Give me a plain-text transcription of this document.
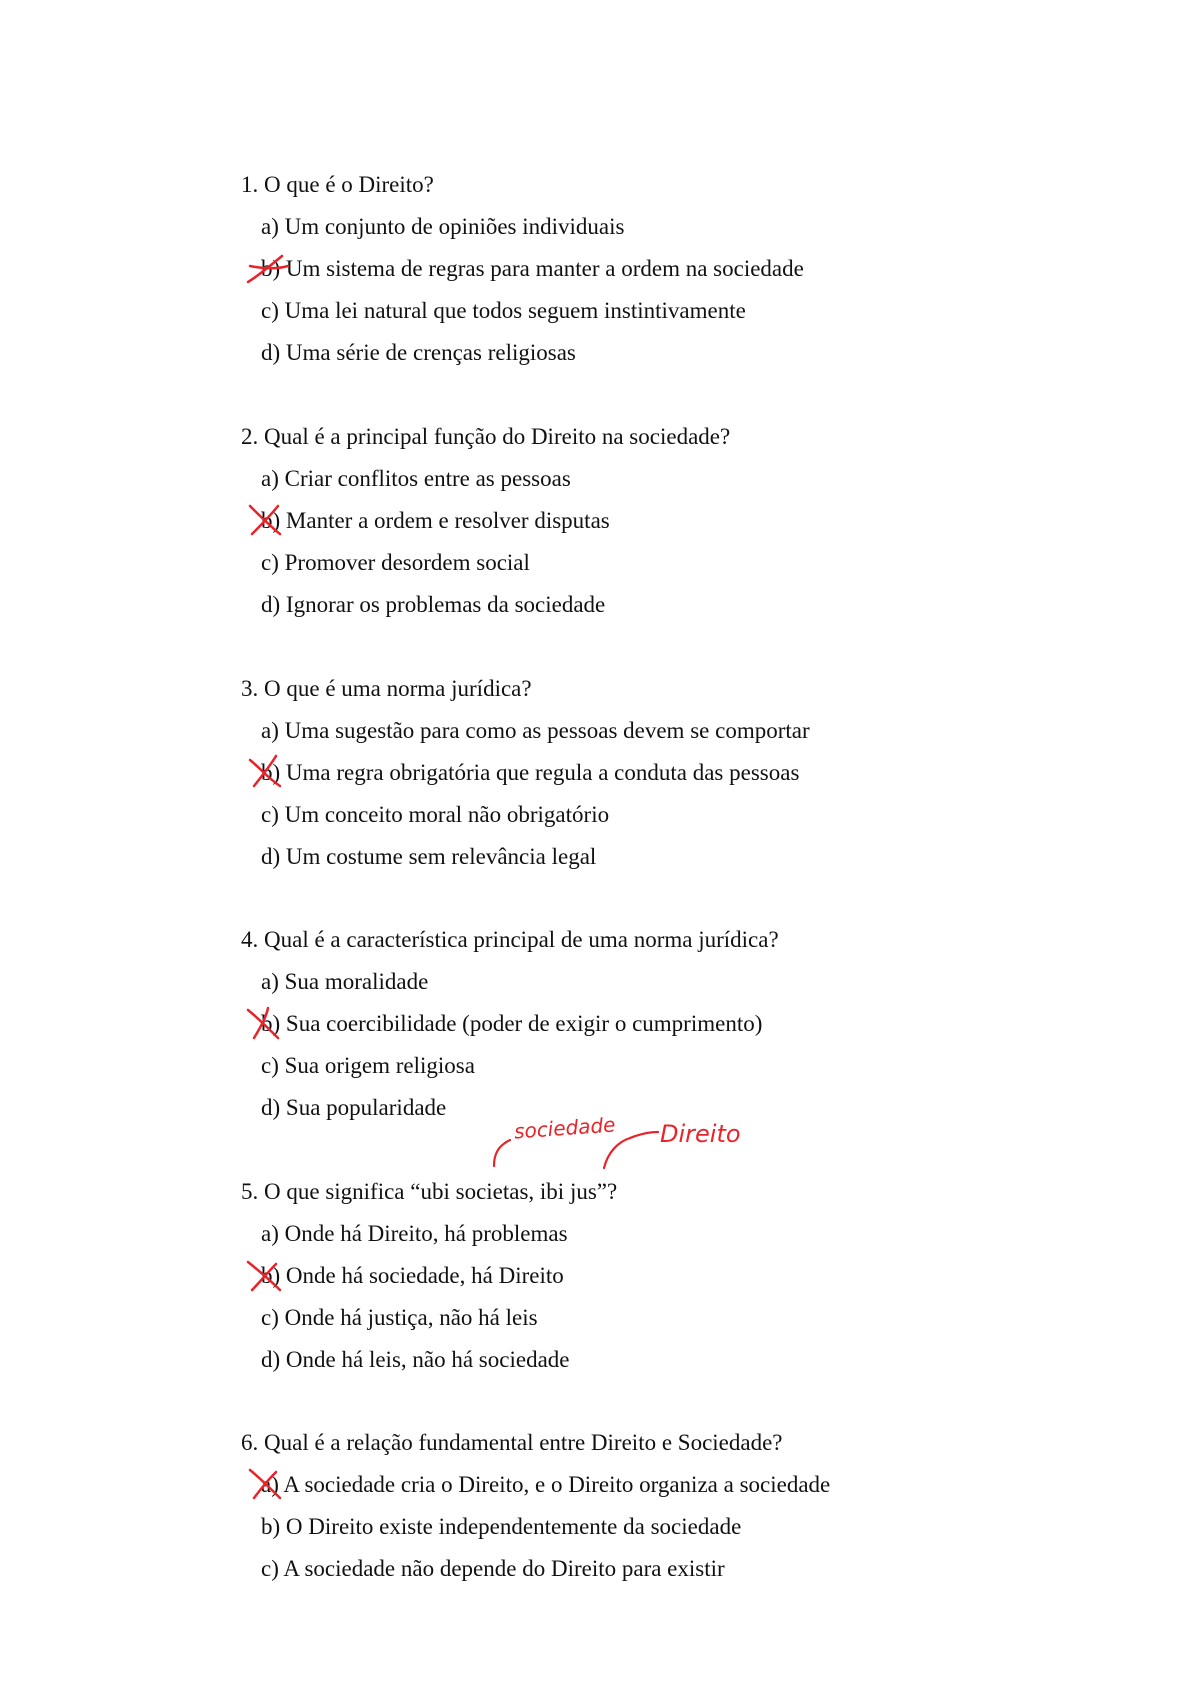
1. O que é o Direito?
a) Um conjunto de opiniões individuais
b) Um sistema de regras para manter a ordem na sociedade
c) Uma lei natural que todos seguem instintivamente
d) Uma série de crenças religiosas
2. Qual é a principal função do Direito na sociedade?
a) Criar conflitos entre as pessoas
b) Manter a ordem e resolver disputas
c) Promover desordem social
d) Ignorar os problemas da sociedade
3. O que é uma norma jurídica?
a) Uma sugestão para como as pessoas devem se comportar
b) Uma regra obrigatória que regula a conduta das pessoas
c) Um conceito moral não obrigatório
d) Um costume sem relevância legal
4. Qual é a característica principal de uma norma jurídica?
a) Sua moralidade
b) Sua coercibilidade (poder de exigir o cumprimento)
c) Sua origem religiosa
d) Sua popularidade
5. O que significa “ubi societas, ibi jus”?
a) Onde há Direito, há problemas
b) Onde há sociedade, há Direito
c) Onde há justiça, não há leis
d) Onde há leis, não há sociedade
6. Qual é a relação fundamental entre Direito e Sociedade?
a) A sociedade cria o Direito, e o Direito organiza a sociedade
b) O Direito existe independentemente da sociedade
c) A sociedade não depende do Direito para existir
sociedade Direito
